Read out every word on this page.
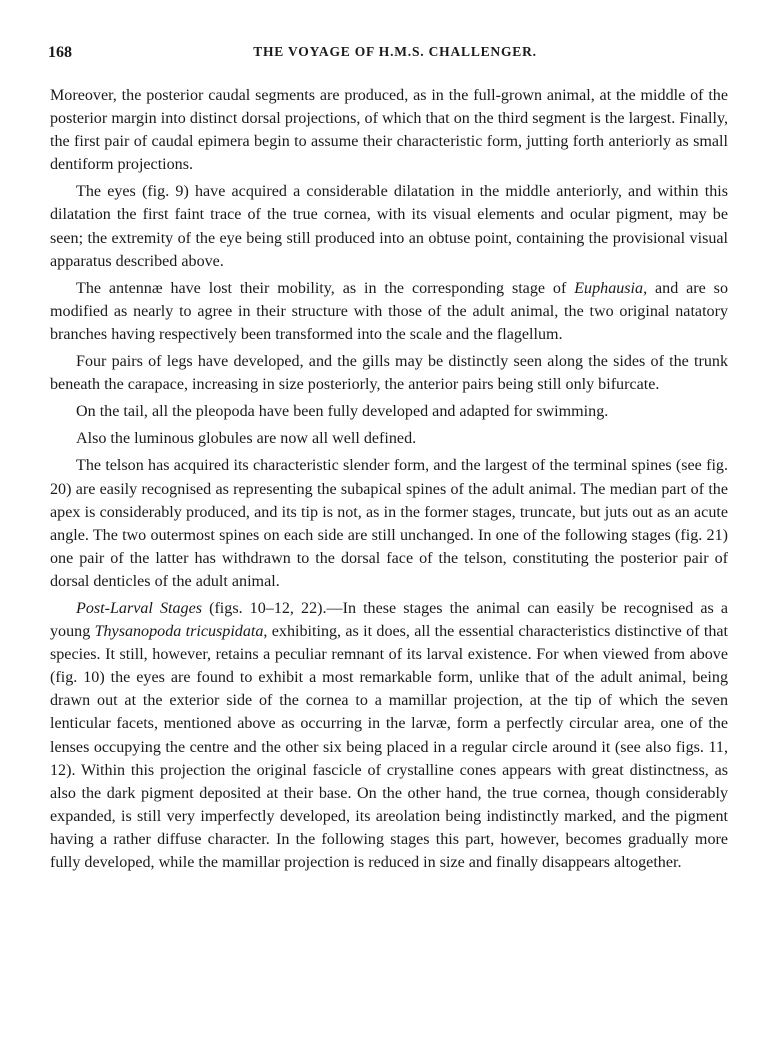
168	THE VOYAGE OF H.M.S. CHALLENGER.

Moreover, the posterior caudal segments are produced, as in the full-grown animal, at the middle of the posterior margin into distinct dorsal projections, of which that on the third segment is the largest. Finally, the first pair of caudal epimera begin to assume their characteristic form, jutting forth anteriorly as small dentiform projections.

The eyes (fig. 9) have acquired a considerable dilatation in the middle anteriorly, and within this dilatation the first faint trace of the true cornea, with its visual elements and ocular pigment, may be seen; the extremity of the eye being still produced into an obtuse point, containing the provisional visual apparatus described above.

The antennæ have lost their mobility, as in the corresponding stage of Euphausia, and are so modified as nearly to agree in their structure with those of the adult animal, the two original natatory branches having respectively been transformed into the scale and the flagellum.

Four pairs of legs have developed, and the gills may be distinctly seen along the sides of the trunk beneath the carapace, increasing in size posteriorly, the anterior pairs being still only bifurcate.

On the tail, all the pleopoda have been fully developed and adapted for swimming.

Also the luminous globules are now all well defined.

The telson has acquired its characteristic slender form, and the largest of the terminal spines (see fig. 20) are easily recognised as representing the subapical spines of the adult animal. The median part of the apex is considerably produced, and its tip is not, as in the former stages, truncate, but juts out as an acute angle. The two outermost spines on each side are still unchanged. In one of the following stages (fig. 21) one pair of the latter has withdrawn to the dorsal face of the telson, constituting the posterior pair of dorsal denticles of the adult animal.

Post-Larval Stages (figs. 10–12, 22).—In these stages the animal can easily be recognised as a young Thysanopoda tricuspidata, exhibiting, as it does, all the essential characteristics distinctive of that species. It still, however, retains a peculiar remnant of its larval existence. For when viewed from above (fig. 10) the eyes are found to exhibit a most remarkable form, unlike that of the adult animal, being drawn out at the exterior side of the cornea to a mamillar projection, at the tip of which the seven lenticular facets, mentioned above as occurring in the larvæ, form a perfectly circular area, one of the lenses occupying the centre and the other six being placed in a regular circle around it (see also figs. 11, 12). Within this projection the original fascicle of crystalline cones appears with great distinctness, as also the dark pigment deposited at their base. On the other hand, the true cornea, though considerably expanded, is still very imperfectly developed, its areolation being indistinctly marked, and the pigment having a rather diffuse character. In the following stages this part, however, becomes gradually more fully developed, while the mamillar projection is reduced in size and finally disappears altogether.
